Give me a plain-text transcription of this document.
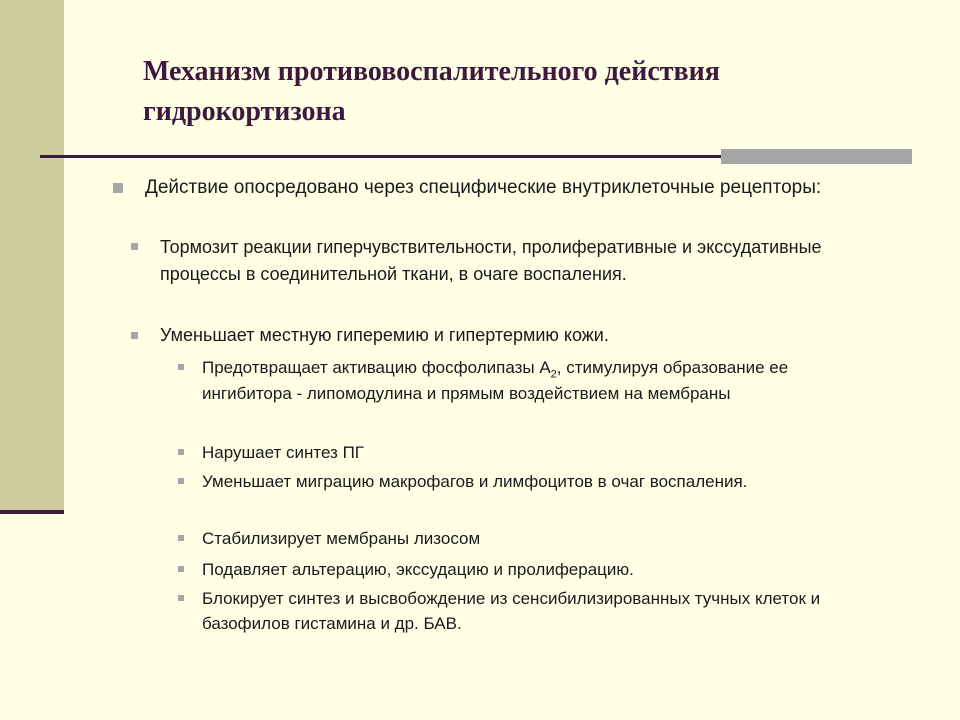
Механизм противовоспалительного действия гидрокортизона

Действие опосредовано через специфические внутриклеточные рецепторы:

Тормозит реакции гиперчувствительности, пролиферативные и экссудативные процессы в соединительной ткани, в очаге воспаления.

Уменьшает местную гиперемию и гипертермию кожи.

Предотвращает активацию фосфолипазы $А_2$, стимулируя образование ее ингибитора - липомодулина и прямым воздействием на мембраны

Нарушает синтез ПГ

Уменьшает миграцию макрофагов и лимфоцитов в очаг воспаления.

Стабилизирует мембраны лизосом

Подавляет альтерацию, экссудацию и пролиферацию.

Блокирует синтез и высвобождение из сенсибилизированных тучных клеток и базофилов гистамина и др. БАВ.
